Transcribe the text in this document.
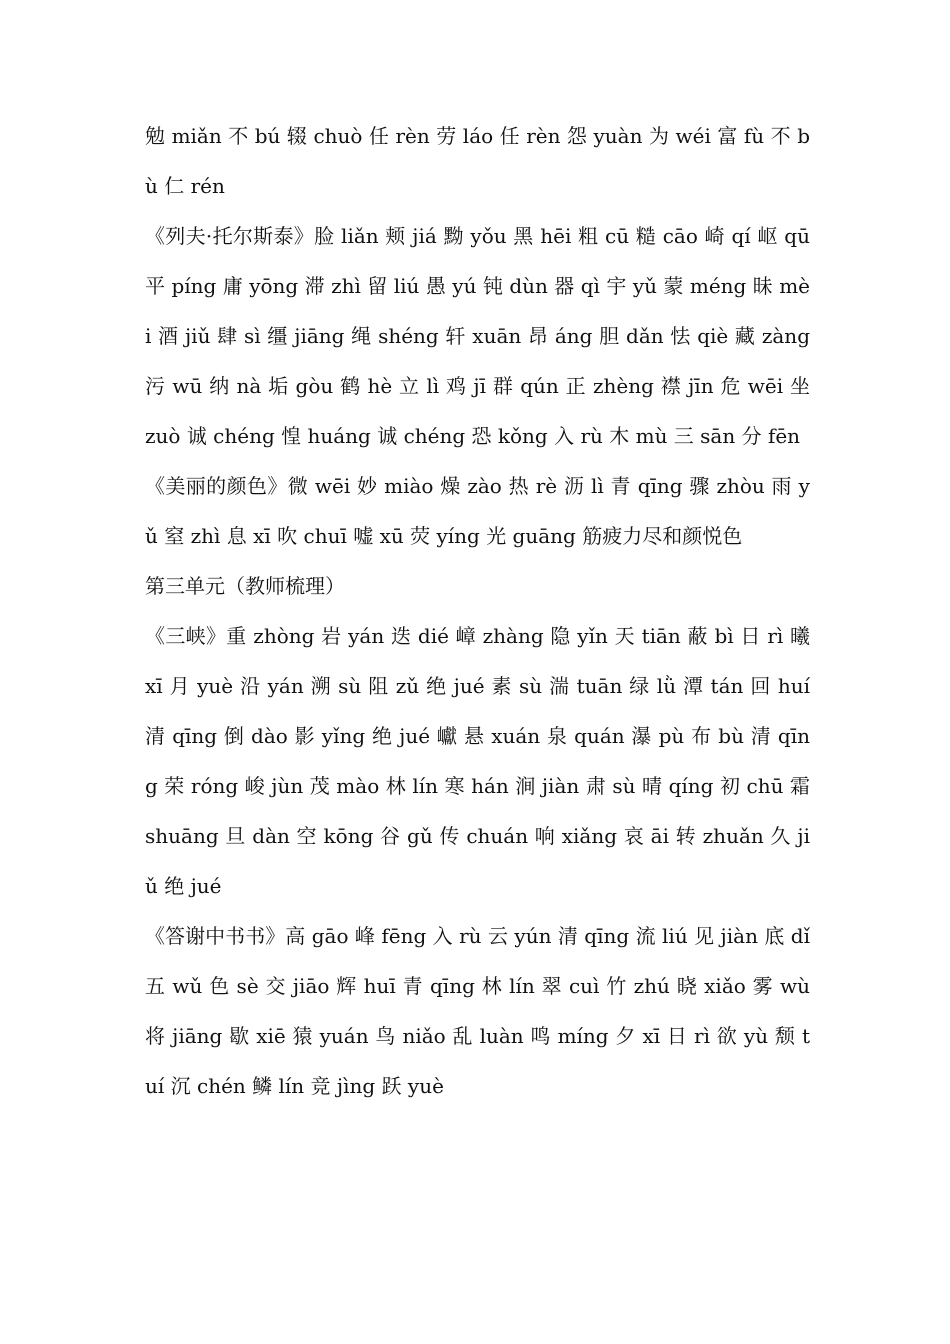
勉 miǎn 不 bú 辍 chuò 任 rèn 劳 láo 任 rèn 怨 yuàn 为 wéi 富 fù 不 bù 仁 rén

《列夫·托尔斯泰》脸 liǎn 颊 jiá 黝 yǒu 黑 hēi 粗 cū 糙 cāo 崎 qí 岖 qū 平 píng 庸 yōng 滞 zhì 留 liú 愚 yú 钝 dùn 器 qì 宇 yǔ 蒙 méng 昧 mèi 酒 jiǔ 肆 sì 缰 jiāng 绳 shéng 轩 xuān 昂 áng 胆 dǎn 怯 qiè 藏 zàng 污 wū 纳 nà 垢 gòu 鹤 hè 立 lì 鸡 jī 群 qún 正 zhèng 襟 jīn 危 wēi 坐 zuò 诚 chéng 惶 huáng 诚 chéng 恐 kǒng 入 rù 木 mù 三 sān 分 fēn

《美丽的颜色》微 wēi 妙 miào 燥 zào 热 rè 沥 lì 青 qīng 骤 zhòu 雨 yǔ 窒 zhì 息 xī 吹 chuī 嘘 xū 荧 yíng 光 guāng 筋疲力尽和颜悦色

第三单元（教师梳理）

《三峡》重 zhòng 岩 yán 迭 dié 嶂 zhàng 隐 yǐn 天 tiān 蔽 bì 日 rì 曦 xī 月 yuè 沿 yán 溯 sù 阻 zǔ 绝 jué 素 sù 湍 tuān 绿 lǜ 潭 tán 回 huí 清 qīng 倒 dào 影 yǐng 绝 jué 巘 悬 xuán 泉 quán 瀑 pù 布 bù 清 qīng 荣 róng 峻 jùn 茂 mào 林 lín 寒 hán 涧 jiàn 肃 sù 晴 qíng 初 chū 霜 shuāng 旦 dàn 空 kōng 谷 gǔ 传 chuán 响 xiǎng 哀 āi 转 zhuǎn 久 jiǔ 绝 jué

《答谢中书书》高 gāo 峰 fēng 入 rù 云 yún 清 qīng 流 liú 见 jiàn 底 dǐ 五 wǔ 色 sè 交 jiāo 辉 huī 青 qīng 林 lín 翠 cuì 竹 zhú 晓 xiǎo 雾 wù 将 jiāng 歇 xiē 猿 yuán 鸟 niǎo 乱 luàn 鸣 míng 夕 xī 日 rì 欲 yù 颓 tuí 沉 chén 鳞 lín 竞 jìng 跃 yuè
